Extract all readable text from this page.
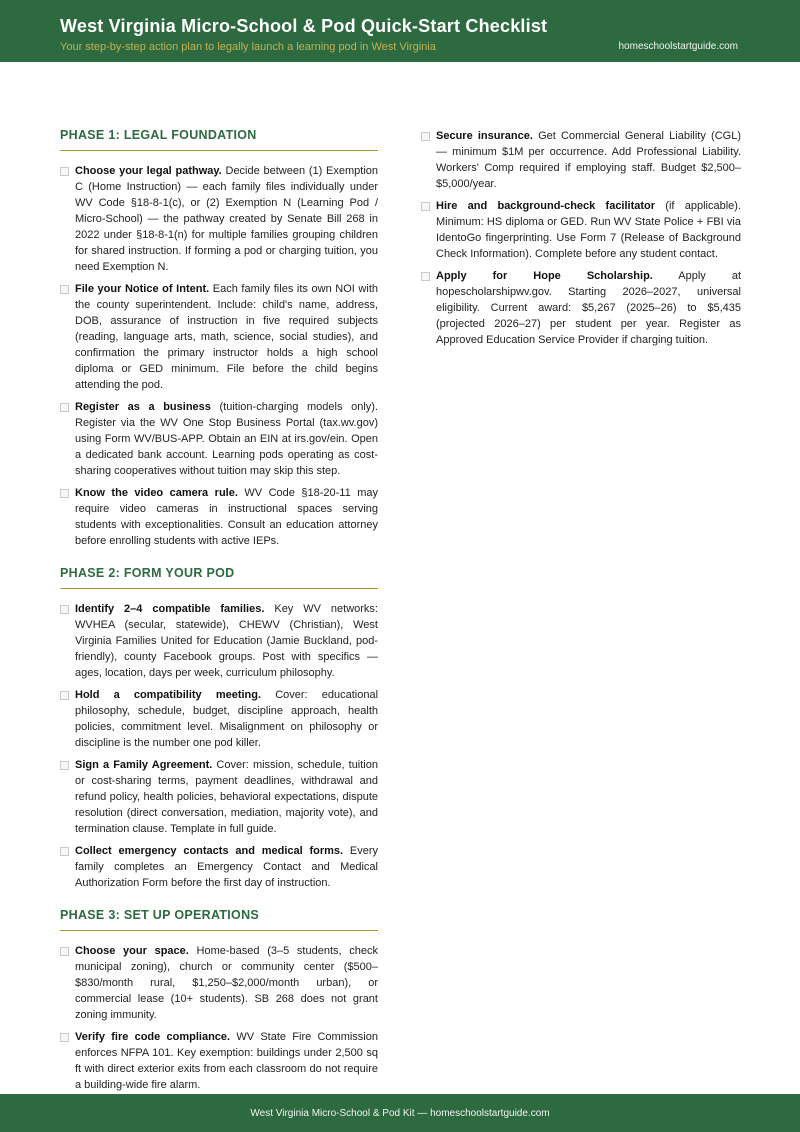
West Virginia Micro-School & Pod Quick-Start Checklist
Your step-by-step action plan to legally launch a learning pod in West Virginia	homeschoolstartguide.com
PHASE 1: LEGAL FOUNDATION

Choose your legal pathway. Decide between (1) Exemption C (Home Instruction) — each family files individually under WV Code §18-8-1(c), or (2) Exemption N (Learning Pod / Micro-School) — the pathway created by Senate Bill 268 in 2022 under §18-8-1(n) for multiple families grouping children for shared instruction. If forming a pod or charging tuition, you need Exemption N.

File your Notice of Intent. Each family files its own NOI with the county superintendent. Include: child's name, address, DOB, assurance of instruction in five required subjects (reading, language arts, math, science, social studies), and confirmation the primary instructor holds a high school diploma or GED minimum. File before the child begins attending the pod.

Register as a business (tuition-charging models only). Register via the WV One Stop Business Portal (tax.wv.gov) using Form WV/BUS-APP. Obtain an EIN at irs.gov/ein. Open a dedicated bank account. Learning pods operating as cost-sharing cooperatives without tuition may skip this step.

Know the video camera rule. WV Code §18-20-11 may require video cameras in instructional spaces serving students with exceptionalities. Consult an education attorney before enrolling students with active IEPs.

PHASE 2: FORM YOUR POD

Identify 2–4 compatible families. Key WV networks: WVHEA (secular, statewide), CHEWV (Christian), West Virginia Families United for Education (Jamie Buckland, pod-friendly), county Facebook groups. Post with specifics — ages, location, days per week, curriculum philosophy.

Hold a compatibility meeting. Cover: educational philosophy, schedule, budget, discipline approach, health policies, commitment level. Misalignment on philosophy or discipline is the number one pod killer.

Sign a Family Agreement. Cover: mission, schedule, tuition or cost-sharing terms, payment deadlines, withdrawal and refund policy, health policies, behavioral expectations, dispute resolution (direct conversation, mediation, majority vote), and termination clause. Template in full guide.

Collect emergency contacts and medical forms. Every family completes an Emergency Contact and Medical Authorization Form before the first day of instruction.

PHASE 3: SET UP OPERATIONS

Choose your space. Home-based (3–5 students, check municipal zoning), church or community center ($500–$830/month rural, $1,250–$2,000/month urban), or commercial lease (10+ students). SB 268 does not grant zoning immunity.

Verify fire code compliance. WV State Fire Commission enforces NFPA 101. Key exemption: buildings under 2,500 sq ft with direct exterior exits from each classroom do not require a building-wide fire alarm.

Secure insurance. Get Commercial General Liability (CGL) — minimum $1M per occurrence. Add Professional Liability. Workers' Comp required if employing staff. Budget $2,500–$5,000/year.

Hire and background-check facilitator (if applicable). Minimum: HS diploma or GED. Run WV State Police + FBI via IdentoGo fingerprinting. Use Form 7 (Release of Background Check Information). Complete before any student contact.

Apply for Hope Scholarship. Apply at hopescholarshipwv.gov. Starting 2026–2027, universal eligibility. Current award: $5,267 (2025–26) to $5,435 (projected 2026–27) per student per year. Register as Approved Education Service Provider if charging tuition.

West Virginia Micro-School & Pod Kit — homeschoolstartguide.com
